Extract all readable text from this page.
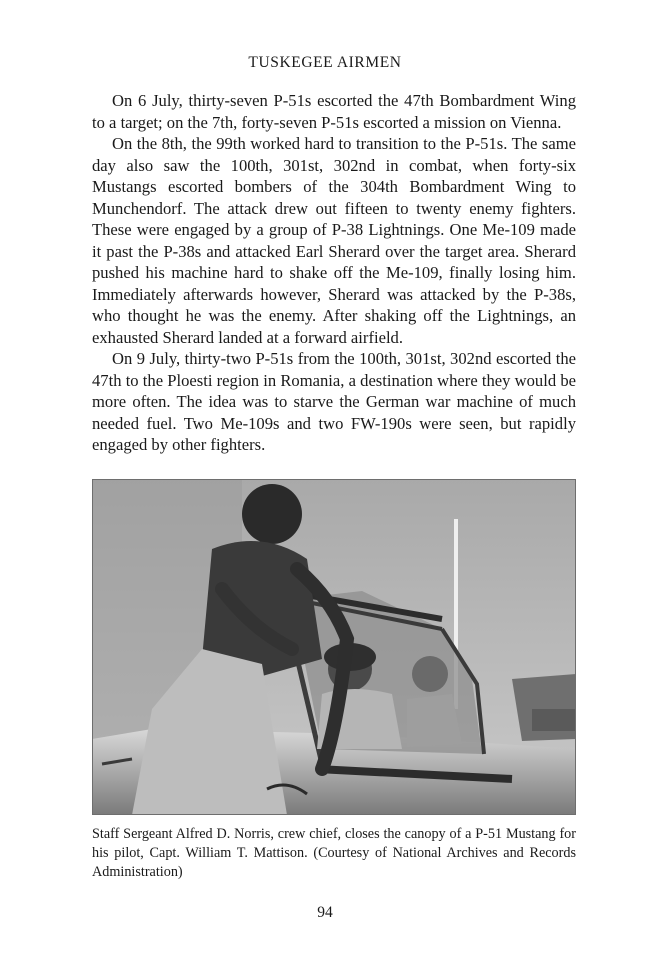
TUSKEGEE AIRMEN

On 6 July, thirty-seven P-51s escorted the 47th Bombardment Wing to a target; on the 7th, forty-seven P-51s escorted a mission on Vienna.

On the 8th, the 99th worked hard to transition to the P-51s. The same day also saw the 100th, 301st, 302nd in combat, when forty-six Mustangs escorted bombers of the 304th Bombardment Wing to Munchendorf. The attack drew out fifteen to twenty enemy fighters. These were engaged by a group of P-38 Lightnings. One Me-109 made it past the P-38s and attacked Earl Sherard over the target area. Sherard pushed his machine hard to shake off the Me-109, finally losing him. Immediately afterwards however, Sherard was attacked by the P-38s, who thought he was the enemy. After shaking off the Lightnings, an exhausted Sherard landed at a forward airfield.

On 9 July, thirty-two P-51s from the 100th, 301st, 302nd escorted the 47th to the Ploesti region in Romania, a destination where they would be more often. The idea was to starve the German war machine of much needed fuel. Two Me-109s and two FW-190s were seen, but rapidly engaged by other fighters.

Staff Sergeant Alfred D. Norris, crew chief, closes the canopy of a P-51 Mustang for his pilot, Capt. William T. Mattison. (Courtesy of National Archives and Records Administration)
94
